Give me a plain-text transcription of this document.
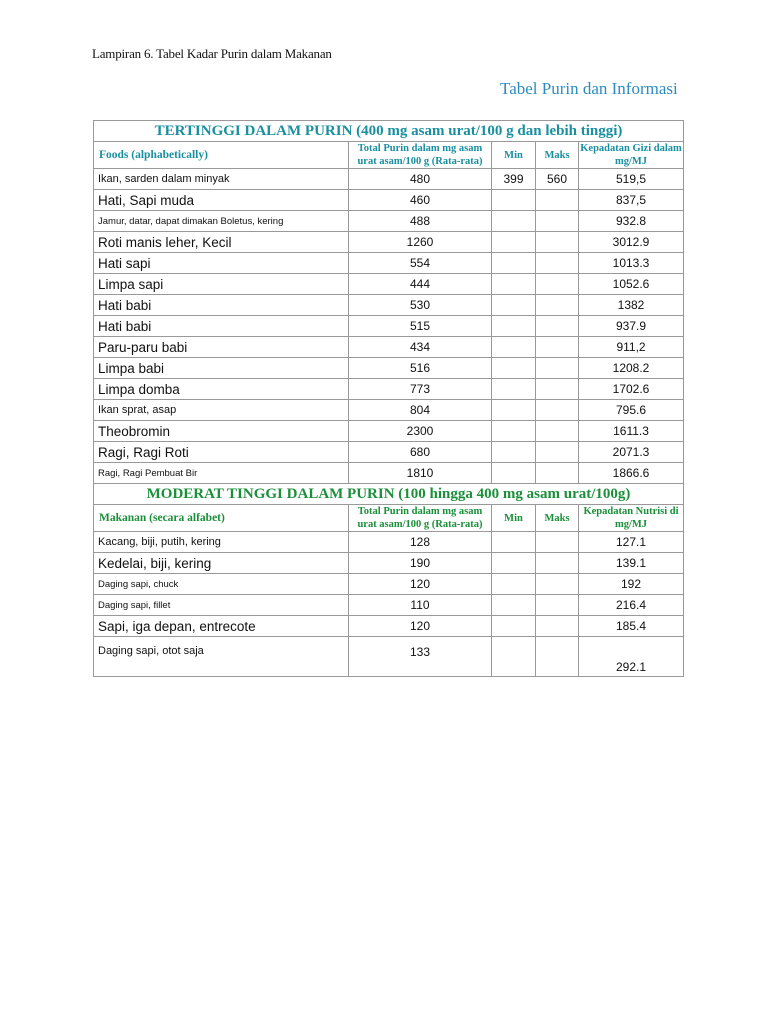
Lampiran 6. Tabel Kadar Purin dalam Makanan
Tabel Purin dan Informasi
TERTINGGI DALAM PURIN (400 mg asam urat/100 g dan lebih tinggi)				
Foods (alphabetically)	Total Purin dalam mg asam urat asam/100 g (Rata-rata)	Min	Maks	Kepadatan Gizi dalam mg/MJ
Ikan, sarden dalam minyak	480	399	560	519,5
Hati, Sapi muda	460			837,5
Jamur, datar, dapat dimakan Boletus, kering	488			932.8
Roti manis leher, Kecil	1260			3012.9
Hati sapi	554			1013.3
Limpa sapi	444			1052.6
Hati babi	530			1382
Hati babi	515			937.9
Paru-paru babi	434			911,2
Limpa babi	516			1208.2
Limpa domba	773			1702.6
Ikan sprat, asap	804			795.6
Theobromin	2300			1611.3
Ragi, Ragi Roti	680			2071.3
Ragi, Ragi Pembuat Bir	1810			1866.6
MODERAT TINGGI DALAM PURIN (100 hingga 400 mg asam urat/100g)				
Makanan (secara alfabet)	Total Purin dalam mg asam urat asam/100 g (Rata-rata)	Min	Maks	Kepadatan Nutrisi di mg/MJ
Kacang, biji, putih, kering	128			127.1
Kedelai, biji, kering	190			139.1
Daging sapi, chuck	120			192
Daging sapi, fillet	110			216.4
Sapi, iga depan, entrecote	120			185.4
Daging sapi, otot saja	133			292.1
